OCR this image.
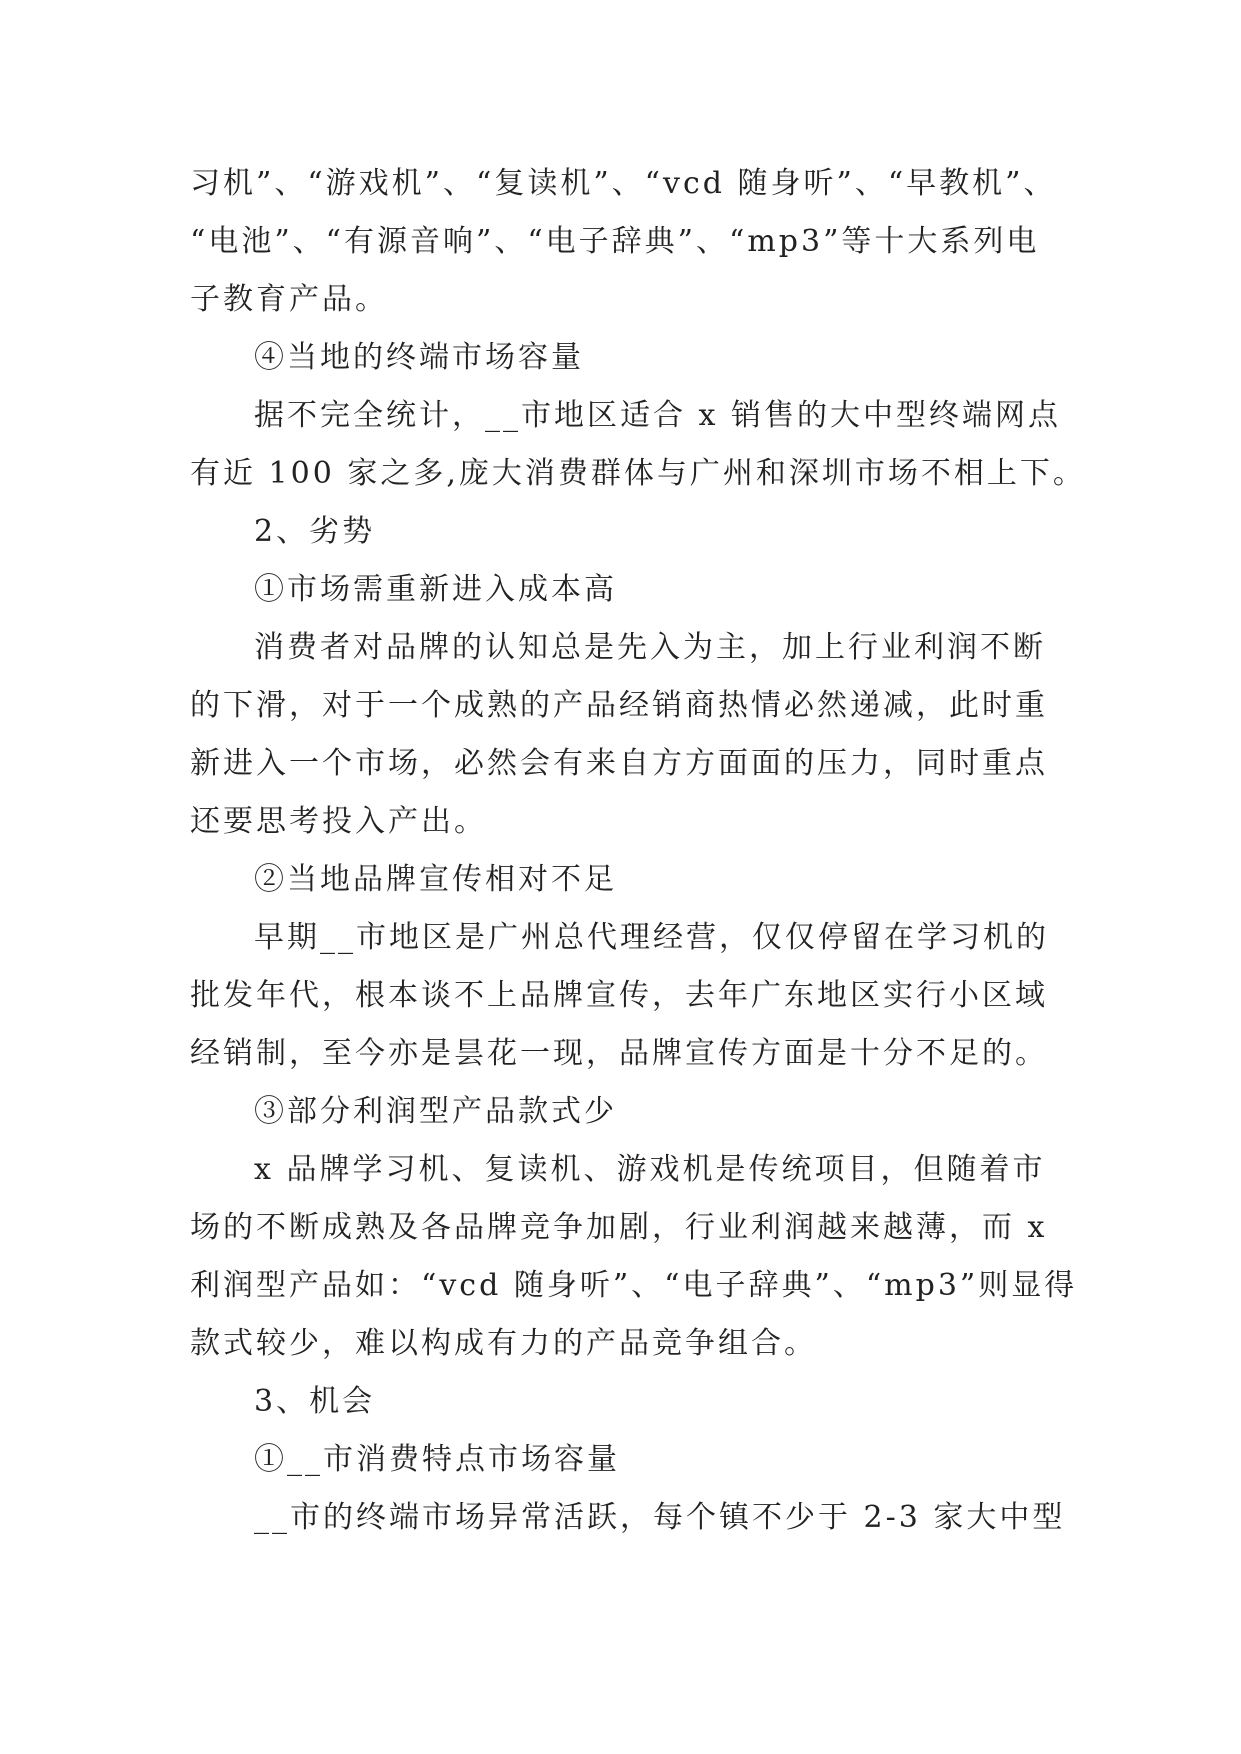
习机”、“游戏机”、“复读机”、“vcd 随身听”、“早教机”、
“电池”、“有源音响”、“电子辞典”、“mp3”等十大系列电
子教育产品。
④当地的终端市场容量
据不完全统计，__市地区适合 x 销售的大中型终端网点
有近 100 家之多,庞大消费群体与广州和深圳市场不相上下。
2、劣势
①市场需重新进入成本高
消费者对品牌的认知总是先入为主，加上行业利润不断
的下滑，对于一个成熟的产品经销商热情必然递减，此时重
新进入一个市场，必然会有来自方方面面的压力，同时重点
还要思考投入产出。
②当地品牌宣传相对不足
早期__市地区是广州总代理经营，仅仅停留在学习机的
批发年代，根本谈不上品牌宣传，去年广东地区实行小区域
经销制，至今亦是昙花一现，品牌宣传方面是十分不足的。
③部分利润型产品款式少
x 品牌学习机、复读机、游戏机是传统项目，但随着市
场的不断成熟及各品牌竞争加剧，行业利润越来越薄，而 x
利润型产品如：“vcd 随身听”、“电子辞典”、“mp3”则显得
款式较少，难以构成有力的产品竞争组合。
3、机会
①__市消费特点市场容量
__市的终端市场异常活跃，每个镇不少于 2-3 家大中型
